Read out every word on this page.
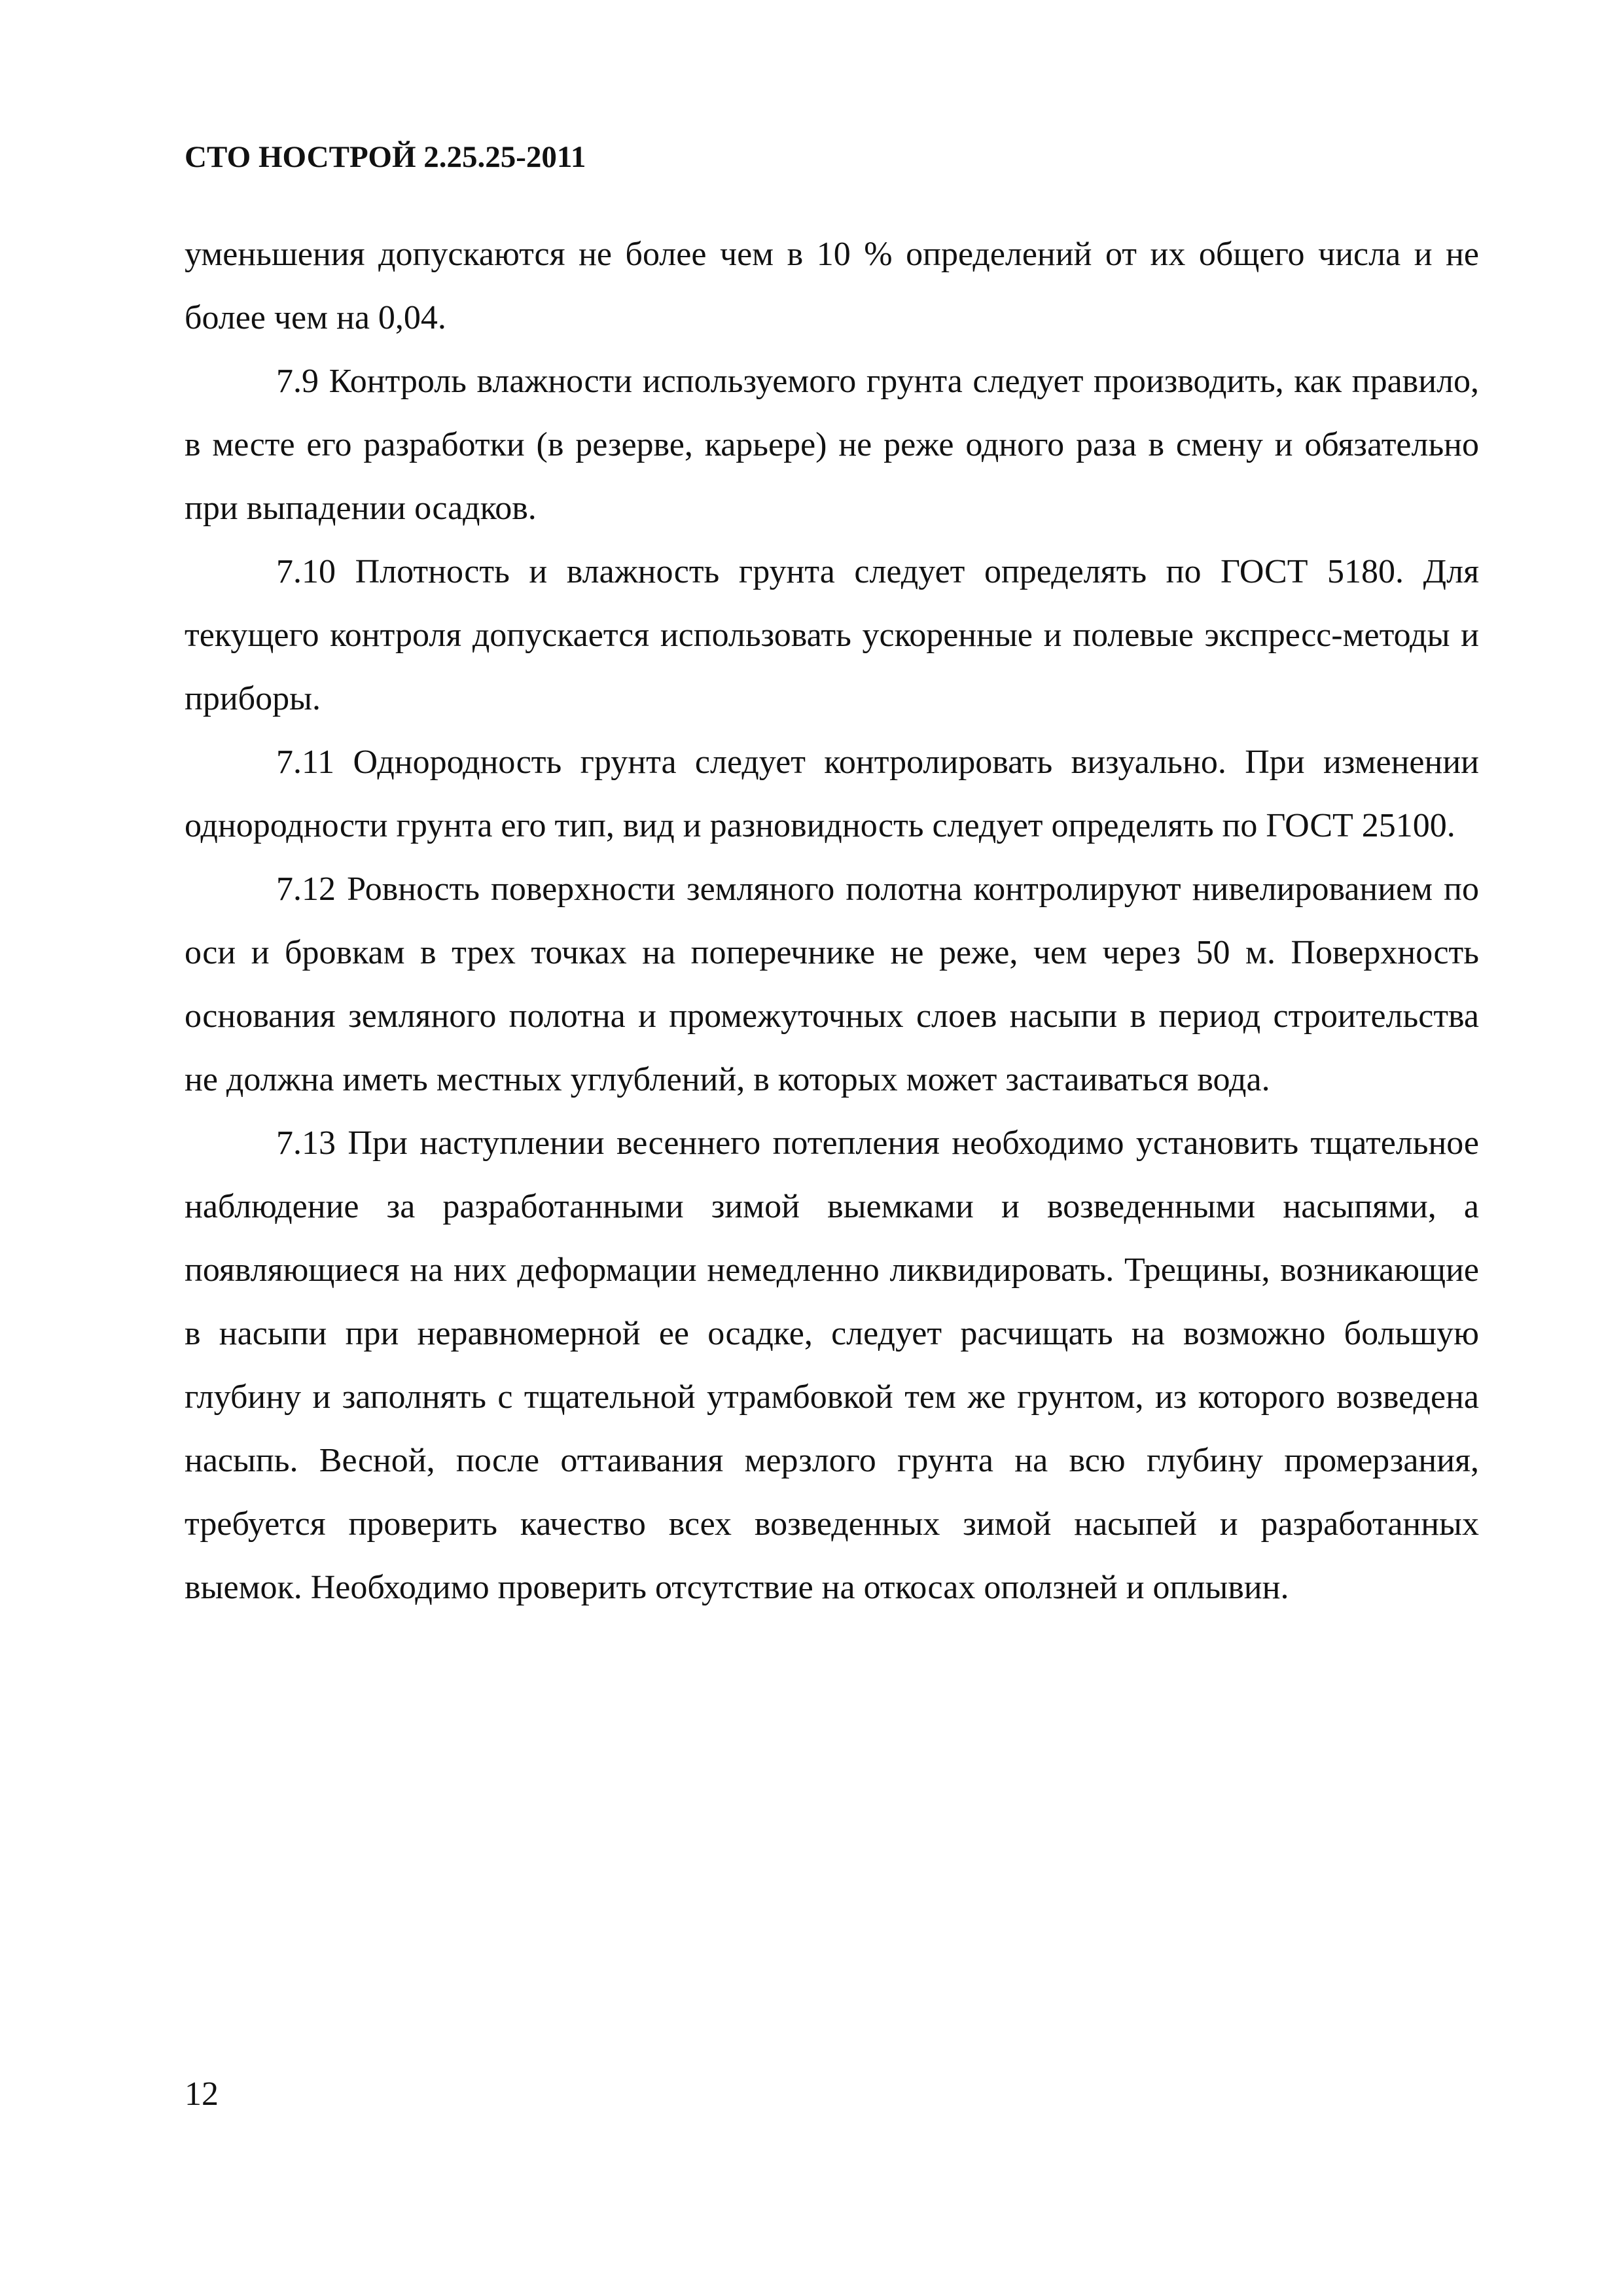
СТО НОСТРОЙ 2.25.25-2011

уменьшения допускаются не более чем в 10 % определений от их общего числа и не более чем на 0,04.

7.9 Контроль влажности используемого грунта следует производить, как правило, в месте его разработки (в резерве, карьере) не реже одного раза в смену и обязательно при выпадении осадков.

7.10 Плотность и влажность грунта следует определять по ГОСТ 5180. Для текущего контроля допускается использовать ускоренные и полевые экспресс-методы и приборы.

7.11 Однородность грунта следует контролировать визуально. При изменении однородности грунта его тип, вид и разновидность следует определять по ГОСТ 25100.

7.12 Ровность поверхности земляного полотна контролируют нивелированием по оси и бровкам в трех точках на поперечнике не реже, чем через 50 м. Поверхность основания земляного полотна и промежуточных слоев насыпи в период строительства не должна иметь местных углублений, в которых может застаиваться вода.

7.13 При наступлении весеннего потепления необходимо установить тщательное наблюдение за разработанными зимой выемками и возведенными насыпями, а появляющиеся на них деформации немедленно ликвидировать. Трещины, возникающие в насыпи при неравномерной ее осадке, следует расчищать на возможно большую глубину и заполнять с тщательной утрамбовкой тем же грунтом, из которого возведена насыпь. Весной, после оттаивания мерзлого грунта на всю глубину промерзания, требуется проверить качество всех возведенных зимой насыпей и разработанных выемок. Необходимо проверить отсутствие на откосах оползней и оплывин.

12
